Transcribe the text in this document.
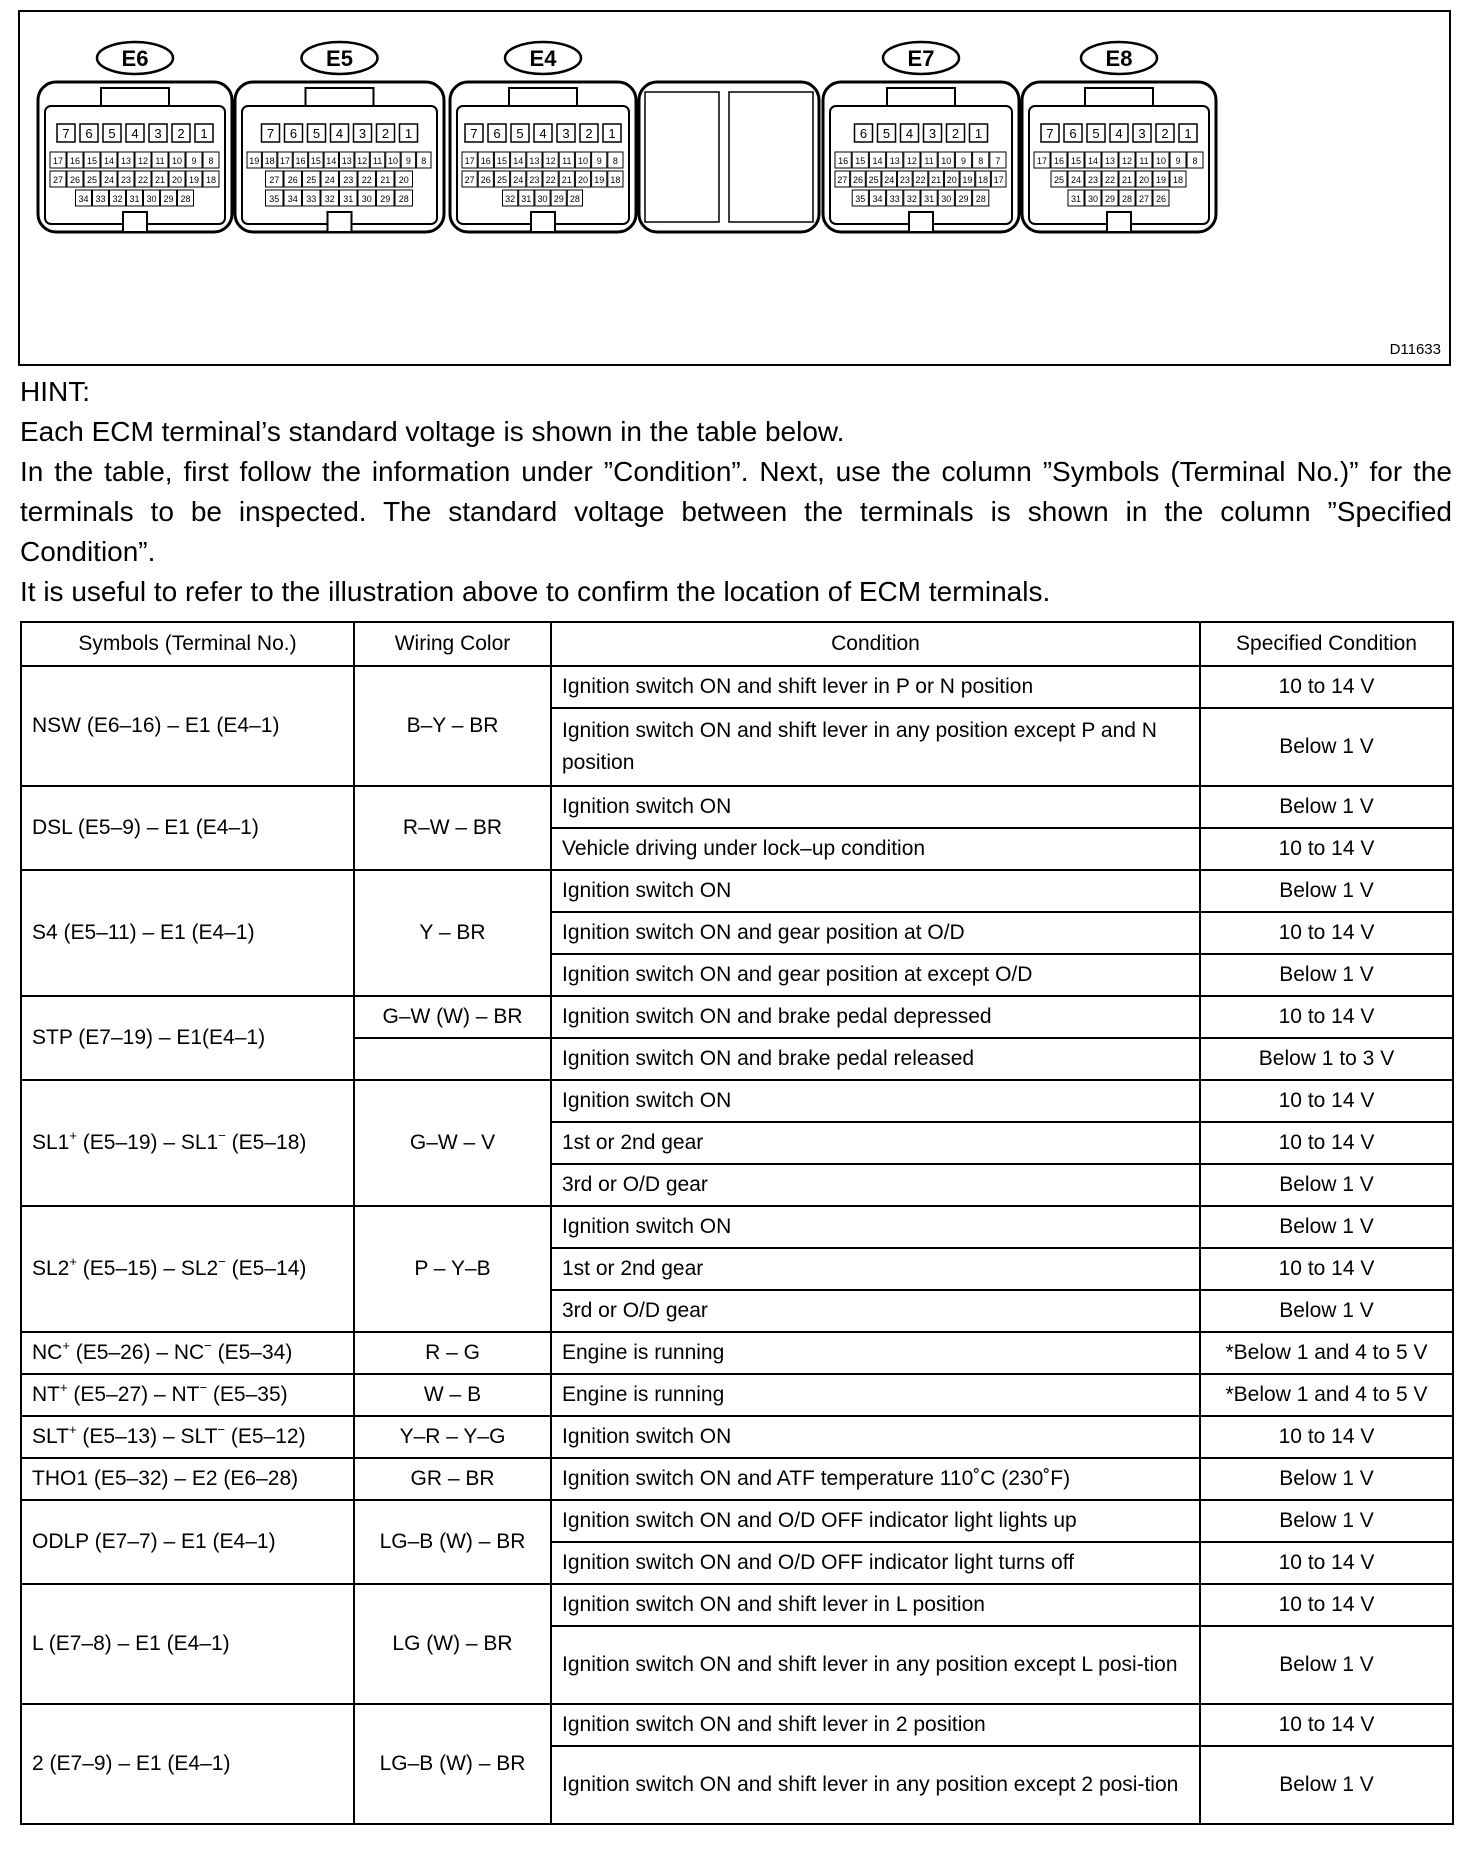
E6
7 6 5 4 3 2 1
17 16 15 14 13 12 11 10 9 8
27 26 25 24 23 22 21 20 19 18
34 33 32 31 30 29 28
E5
7 6 5 4 3 2 1
19 18 17 16 15 14 13 12 11 10 9 8
27 26 25 24 23 22 21 20
35 34 33 32 31 30 29 28
E4
7 6 5 4 3 2 1
17 16 15 14 13 12 11 10 9 8
27 26 25 24 23 22 21 20 19 18
32 31 30 29 28
E7
6 5 4 3 2 1
16 15 14 13 12 11 10 9 8 7
27 26 25 24 23 22 21 20 19 18 17
35 34 33 32 31 30 29 28
E8
7 6 5 4 3 2 1
17 16 15 14 13 12 11 10 9 8
25 24 23 22 21 20 19 18
31 30 29 28 27 26
D11633

HINT:

Each ECM terminal’s standard voltage is shown in the table below.

In the table, first follow the information under ”Condition”. Next, use the column ”Symbols (Terminal No.)” for the terminals to be inspected. The standard voltage between the terminals is shown in the column ”Specified Condition”.

It is useful to refer to the illustration above to confirm the location of ECM terminals.

Symbols (Terminal No.)	Wiring Color	Condition	Specified Condition
NSW (E6–16) – E1 (E4–1)	B–Y – BR	Ignition switch ON and shift lever in P or N position	10 to 14 V
		Ignition switch ON and shift lever in any position except P and N position	Below 1 V
DSL (E5–9) – E1 (E4–1)	R–W – BR	Ignition switch ON	Below 1 V
		Vehicle driving under lock–up condition	10 to 14 V
S4 (E5–11) – E1 (E4–1)	Y – BR	Ignition switch ON	Below 1 V
		Ignition switch ON and gear position at O/D	10 to 14 V
		Ignition switch ON and gear position at except O/D	Below 1 V
STP (E7–19) – E1(E4–1)	G–W (W) – BR	Ignition switch ON and brake pedal depressed	10 to 14 V
		Ignition switch ON and brake pedal released	Below 1 to 3 V
SL1+ (E5–19) – SL1− (E5–18)	G–W – V	Ignition switch ON	10 to 14 V
		1st or 2nd gear	10 to 14 V
		3rd or O/D gear	Below 1 V
SL2+ (E5–15) – SL2− (E5–14)	P – Y–B	Ignition switch ON	Below 1 V
		1st or 2nd gear	10 to 14 V
		3rd or O/D gear	Below 1 V
NC+ (E5–26) – NC− (E5–34)	R – G	Engine is running	*Below 1 and 4 to 5 V
NT+ (E5–27) – NT− (E5–35)	W – B	Engine is running	*Below 1 and 4 to 5 V
SLT+ (E5–13) – SLT− (E5–12)	Y–R – Y–G	Ignition switch ON	10 to 14 V
THO1 (E5–32) – E2 (E6–28)	GR – BR	Ignition switch ON and ATF temperature 110˚C (230˚F)	Below 1 V
ODLP (E7–7) – E1 (E4–1)	LG–B (W) – BR	Ignition switch ON and O/D OFF indicator light lights up	Below 1 V
		Ignition switch ON and O/D OFF indicator light turns off	10 to 14 V
L (E7–8) – E1 (E4–1)	LG (W) – BR	Ignition switch ON and shift lever in L position	10 to 14 V
		Ignition switch ON and shift lever in any position except L posi-tion	Below 1 V
2 (E7–9) – E1 (E4–1)	LG–B (W) – BR	Ignition switch ON and shift lever in 2 position	10 to 14 V
		Ignition switch ON and shift lever in any position except 2 posi-tion	Below 1 V
